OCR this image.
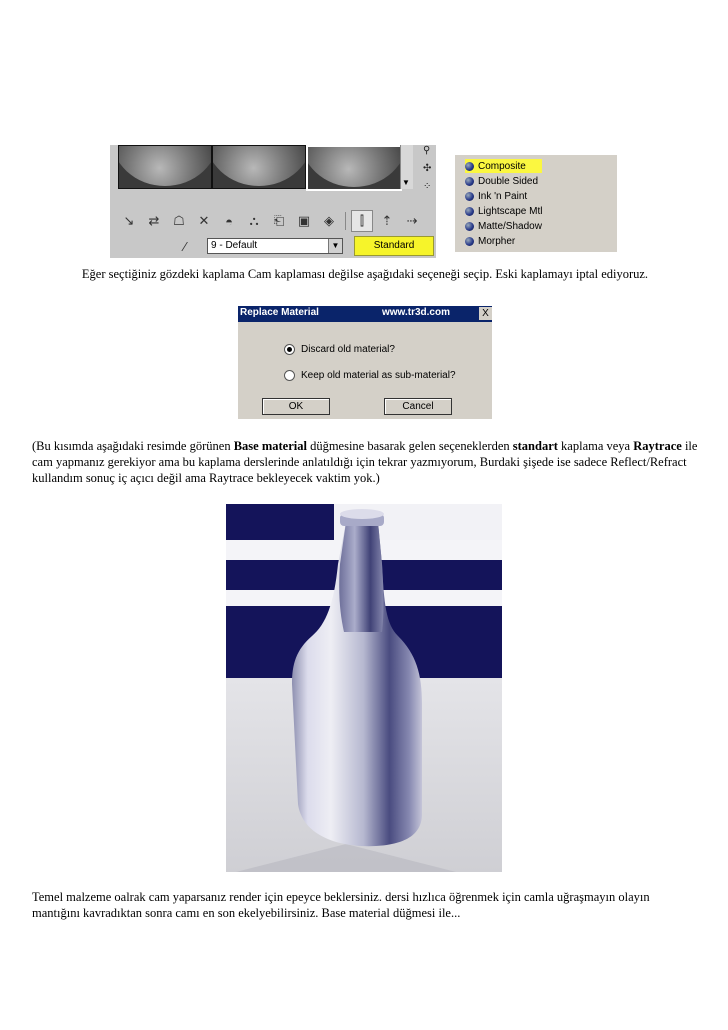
▼
⚲
✣
⁘
↘	⇄	☖	✕	◓	⛬	⎗	▣	◈	⫿	⇡	⇢
⁄	9 - Default	▼	Standard
Composite
Double Sided
Ink 'n Paint
Lightscape Mtl
Matte/Shadow
Morpher
Eğer seçtiğiniz gözdeki kaplama Cam kaplaması değilse aşağıdaki seçeneği seçip. Eski kaplamayı iptal ediyoruz.
Replace Material	www.tr3d.com	X
Discard old material?
Keep old material as sub-material?
OK	Cancel
(Bu kısımda aşağıdaki resimde görünen Base material düğmesine basarak gelen seçeneklerden standart kaplama veya Raytrace ile cam yapmanız gerekiyor ama bu kaplama derslerinde anlatıldığı için tekrar yazmıyorum, Burdaki şişede ise sadece Reflect/Refract kullandım sonuç iç açıcı değil ama Raytrace bekleyecek vaktim yok.)
Temel malzeme oalrak cam yaparsanız render için epeyce beklersiniz. dersi hızlıca öğrenmek için camla uğraşmayın olayın mantığını kavradıktan sonra camı en son ekelyebilirsiniz. Base material düğmesi ile...
